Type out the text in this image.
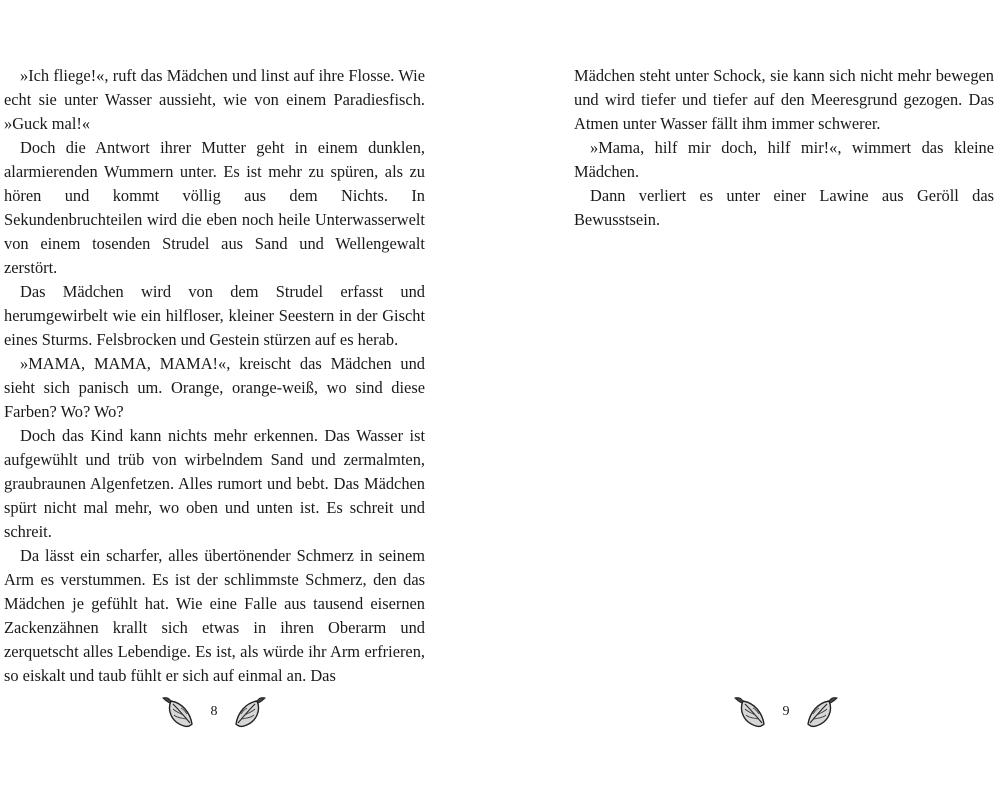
»Ich fliege!«, ruft das Mädchen und linst auf ihre Flosse. Wie echt sie unter Wasser aussieht, wie von einem Paradiesfisch. »Guck mal!«

Doch die Antwort ihrer Mutter geht in einem dunklen, alarmierenden Wummern unter. Es ist mehr zu spüren, als zu hören und kommt völlig aus dem Nichts. In Sekundenbruchteilen wird die eben noch heile Unterwasserwelt von einem tosenden Strudel aus Sand und Wellengewalt zerstört.

Das Mädchen wird von dem Strudel erfasst und herumgewirbelt wie ein hilfloser, kleiner Seestern in der Gischt eines Sturms. Felsbrocken und Gestein stürzen auf es herab.

»MAMA, MAMA, MAMA!«, kreischt das Mädchen und sieht sich panisch um. Orange, orange-weiß, wo sind diese Farben? Wo? Wo?

Doch das Kind kann nichts mehr erkennen. Das Wasser ist aufgewühlt und trüb von wirbelndem Sand und zermalmten, graubraunen Algenfetzen. Alles rumort und bebt. Das Mädchen spürt nicht mal mehr, wo oben und unten ist. Es schreit und schreit.

Da lässt ein scharfer, alles übertönender Schmerz in seinem Arm es verstummen. Es ist der schlimmste Schmerz, den das Mädchen je gefühlt hat. Wie eine Falle aus tausend eisernen Zackenzähnen krallt sich etwas in ihren Oberarm und zerquetscht alles Lebendige. Es ist, als würde ihr Arm erfrieren, so eiskalt und taub fühlt er sich auf einmal an. Das

Mädchen steht unter Schock, sie kann sich nicht mehr bewegen und wird tiefer und tiefer auf den Meeresgrund gezogen. Das Atmen unter Wasser fällt ihm immer schwerer.

»Mama, hilf mir doch, hilf mir!«, wimmert das kleine Mädchen.

Dann verliert es unter einer Lawine aus Geröll das Bewusstsein.

8	9
